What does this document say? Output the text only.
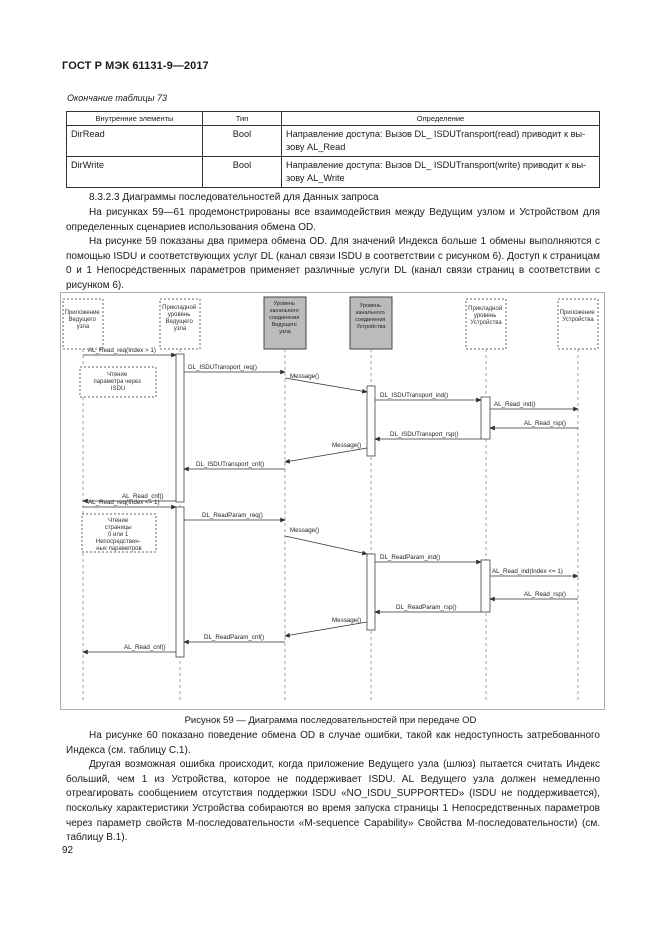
ГОСТ Р МЭК 61131-9—2017
Окончание таблицы 73
Внутренние элементы	Тип	Определение
DirRead	Bool	Направление доступа: Вызов DL_ ISDUTransport(read) приводит к вы-
зову AL_Read
DirWrite	Bool	Направление доступа: Вызов DL_ ISDUTransport(write) приводит к вы-
зову AL_Write
8.3.2.3 Диаграммы последовательностей для Данных запроса

На рисунках 59—61 продемонстрированы все взаимодействия между Ведущим узлом и Устройством для определенных сценариев использования обмена OD.

На рисунке 59 показаны два примера обмена OD. Для значений Индекса больше 1 обмены выполняются с помощью ISDU и соответствующих услуг DL (канал связи ISDU в соответствии с рисунком 6). Доступ к страницам 0 и 1 Непосредственных параметров применяет различные услуги DL (канал связи страниц в соответствии с рисунком 6).

Приложение Ведущего узла
Прикладной уровень Ведущего узла
Уровень канального соединения Ведущего узла
Уровень канального соединения Устройства
Прикладной уровень Устройства
Приложение Устройства
Чтение параметра через ISDU
Чтение страницы 0 или 1 Непосредствен- ных параметров
AL_Read_req(Index > 1)
DL_ISDUTransport_req()
Message()
DL_ISDUTransport_ind()
AL_Read_ind()
AL_Read_rsp()
DL_ISDUTransport_rsp()
Message()
DL_ISDUTransport_cnf()
AL_Read_cnf()
AL_Read_req(Index <= 1)
DL_ReadParam_req()
Message()
DL_ReadParam_ind()
AL_Read_ind(Index <= 1)
AL_Read_rsp()
DL_ReadParam_rsp()
Message()
DL_ReadParam_cnf()
AL_Read_cnf()
Рисунок 59 — Диаграмма последовательностей при передаче OD

На рисунке 60 показано поведение обмена OD в случае ошибки, такой как недоступность затребованного Индекса (см. таблицу C.1).

Другая возможная ошибка происходит, когда приложение Ведущего узла (шлюз) пытается считать Индекс больший, чем 1 из Устройства, которое не поддерживает ISDU. AL Ведущего узла должен немедленно отреагировать сообщением отсутствия поддержки ISDU «NO_ISDU_SUPPORTED» (ISDU не поддерживается), поскольку характеристики Устройства собираются во время запуска страницы 1 Непосредственных параметров через параметр свойств M-последовательности «M-sequence Capability» Свойства M-последовательности) (см. таблицу B.1).

92
